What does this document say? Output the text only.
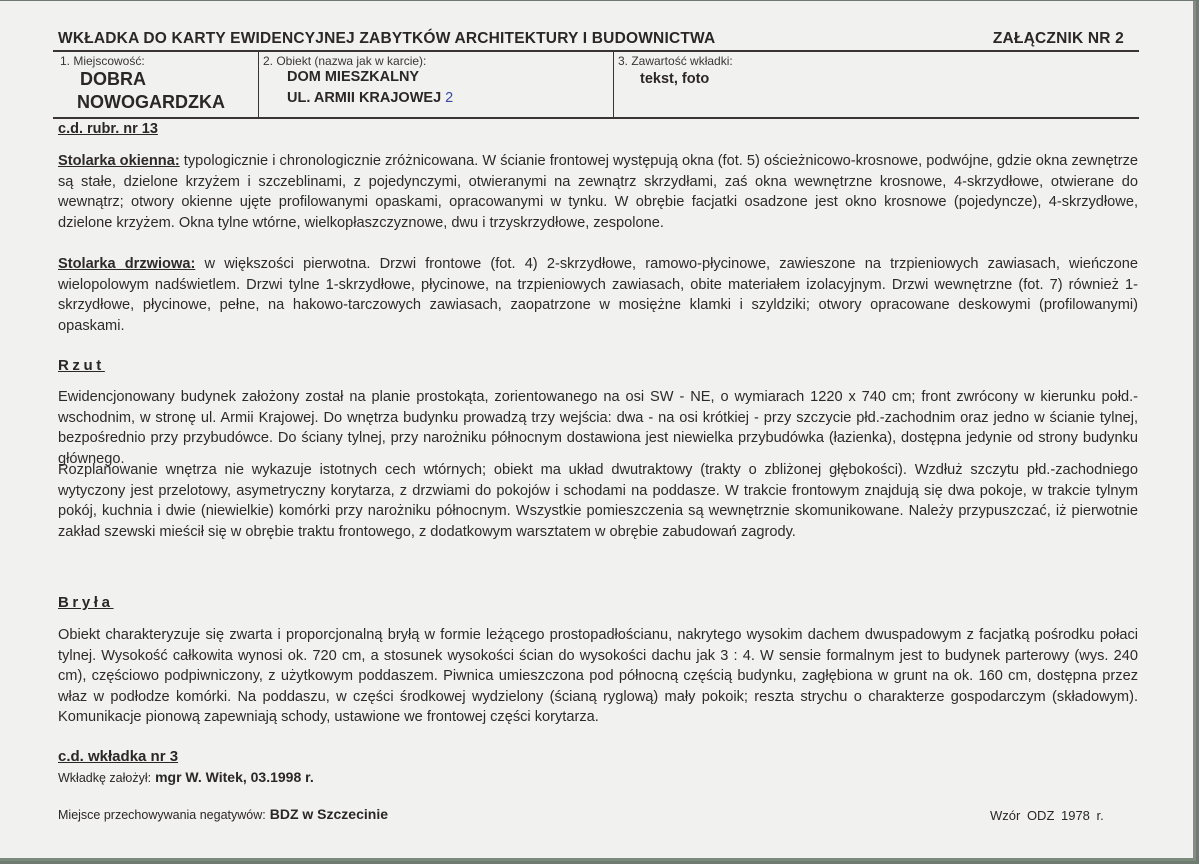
WKŁADKA DO KARTY EWIDENCYJNEJ ZABYTKÓW ARCHITEKTURY I BUDOWNICTWA	ZAŁĄCZNIK NR 2
1. Miejscowość:
DOBRA
NOWOGARDZKA
2. Obiekt (nazwa jak w karcie):
DOM MIESZKALNY
UL. ARMII KRAJOWEJ 2
3. Zawartość wkładki:
tekst, foto
c.d. rubr. nr 13
Stolarka okienna: typologicznie i chronologicznie zróżnicowana. W ścianie frontowej występują okna (fot. 5) ościeżnicowo-krosnowe, podwójne, gdzie okna zewnętrze są stałe, dzielone krzyżem i szczeblinami, z pojedynczymi, otwieranymi na zewnątrz skrzydłami, zaś okna wewnętrzne krosnowe, 4-skrzydłowe, otwierane do wewnątrz; otwory okienne ujęte profilowanymi opaskami, opracowanymi w tynku. W obrębie facjatki osadzone jest okno krosnowe (pojedyncze), 4-skrzydłowe, dzielone krzyżem. Okna tylne wtórne, wielkopłaszczyznowe, dwu i trzyskrzydłowe, zespolone.
Stolarka drzwiowa: w większości pierwotna. Drzwi frontowe (fot. 4) 2-skrzydłowe, ramowo-płycinowe, zawieszone na trzpieniowych zawiasach, wieńczone wielopolowym nadświetlem. Drzwi tylne 1-skrzydłowe, płycinowe, na trzpieniowych zawiasach, obite materiałem izolacyjnym. Drzwi wewnętrzne (fot. 7) również 1-skrzydłowe, płycinowe, pełne, na hakowo-tarczowych zawiasach, zaopatrzone w mosiężne klamki i szyldziki; otwory opracowane deskowymi (profilowanymi) opaskami.
Rzut
Ewidencjonowany budynek założony został na planie prostokąta, zorientowanego na osi SW - NE, o wymiarach 1220 x 740 cm; front zwrócony w kierunku połd.-wschodnim, w stronę ul. Armii Krajowej. Do wnętrza budynku prowadzą trzy wejścia: dwa - na osi krótkiej - przy szczycie płd.-zachodnim oraz jedno w ścianie tylnej, bezpośrednio przy przybudówce. Do ściany tylnej, przy narożniku północnym dostawiona jest niewielka przybudówka (łazienka), dostępna jedynie od strony budynku głównego.
Rozplanowanie wnętrza nie wykazuje istotnych cech wtórnych; obiekt ma układ dwutraktowy (trakty o zbliżonej głębokości). Wzdłuż szczytu płd.-zachodniego wytyczony jest przelotowy, asymetryczny korytarza, z drzwiami do pokojów i schodami na poddasze. W trakcie frontowym znajdują się dwa pokoje, w trakcie tylnym pokój, kuchnia i dwie (niewielkie) komórki przy narożniku północnym. Wszystkie pomieszczenia są wewnętrznie skomunikowane. Należy przypuszczać, iż pierwotnie zakład szewski mieścił się w obrębie traktu frontowego, z dodatkowym warsztatem w obrębie zabudowań zagrody.
Bryła
Obiekt charakteryzuje się zwarta i proporcjonalną bryłą w formie leżącego prostopadłościanu, nakrytego wysokim dachem dwuspadowym z facjatką pośrodku połaci tylnej. Wysokość całkowita wynosi ok. 720 cm, a stosunek wysokości ścian do wysokości dachu jak 3 : 4. W sensie formalnym jest to budynek parterowy (wys. 240 cm), częściowo podpiwniczony, z użytkowym poddaszem. Piwnica umieszczona pod północną częścią budynku, zagłębiona w grunt na ok. 160 cm, dostępna przez właz w podłodze komórki. Na poddaszu, w części środkowej wydzielony (ścianą ryglową) mały pokoik; reszta strychu o charakterze gospodarczym (składowym). Komunikacje pionową zapewniają schody, ustawione we frontowej części korytarza.
c.d. wkładka nr 3
Wkładkę założył: mgr W. Witek, 03.1998 r.
Miejsce przechowywania negatywów: BDZ w Szczecinie	Wzór ODZ 1978 r.
